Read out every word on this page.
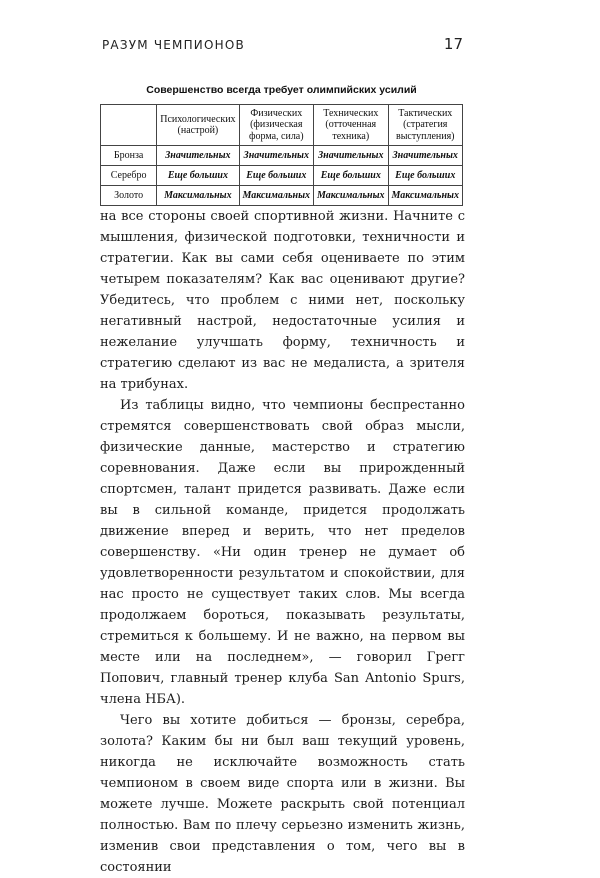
РАЗУМ ЧЕМПИОНОВ	17
Совершенство всегда требует олимпийских усилий
	Психологических (настрой)	Физических (физическая форма, сила)	Технических (отточенная техника)	Тактических (стратегия выступления)
Бронза	Значительных	Значительных	Значительных	Значительных
Серебро	Еще больших	Еще больших	Еще больших	Еще больших
Золото	Максимальных	Максимальных	Максимальных	Максимальных

на все стороны своей спортивной жизни. Начните с мышления, физической подготовки, техничности и стратегии. Как вы сами себя оцениваете по этим четырем показателям? Как вас оценивают другие? Убедитесь, что проблем с ними нет, поскольку негативный настрой, недостаточные усилия и нежелание улучшать форму, техничность и стратегию сделают из вас не медалиста, а зрителя на трибунах.

Из таблицы видно, что чемпионы беспрестанно стремятся совершенствовать свой образ мысли, физические данные, мастерство и стратегию соревнования. Даже если вы прирожденный спортсмен, талант придется развивать. Даже если вы в сильной команде, придется продолжать движение вперед и верить, что нет пределов совершенству. «Ни один тренер не думает об удовлетворенности результатом и спокойствии, для нас просто не существует таких слов. Мы всегда продолжаем бороться, показывать результаты, стремиться к большему. И не важно, на первом вы месте или на последнем», — говорил Грегг Попович, главный тренер клуба San Antonio Spurs, члена НБА).

Чего вы хотите добиться — бронзы, серебра, золота? Каким бы ни был ваш текущий уровень, никогда не исключайте возможность стать чемпионом в своем виде спорта или в жизни. Вы можете лучше. Можете раскрыть свой потенциал полностью. Вам по плечу серьезно изменить жизнь, изменив свои представления о том, чего вы в состоянии
